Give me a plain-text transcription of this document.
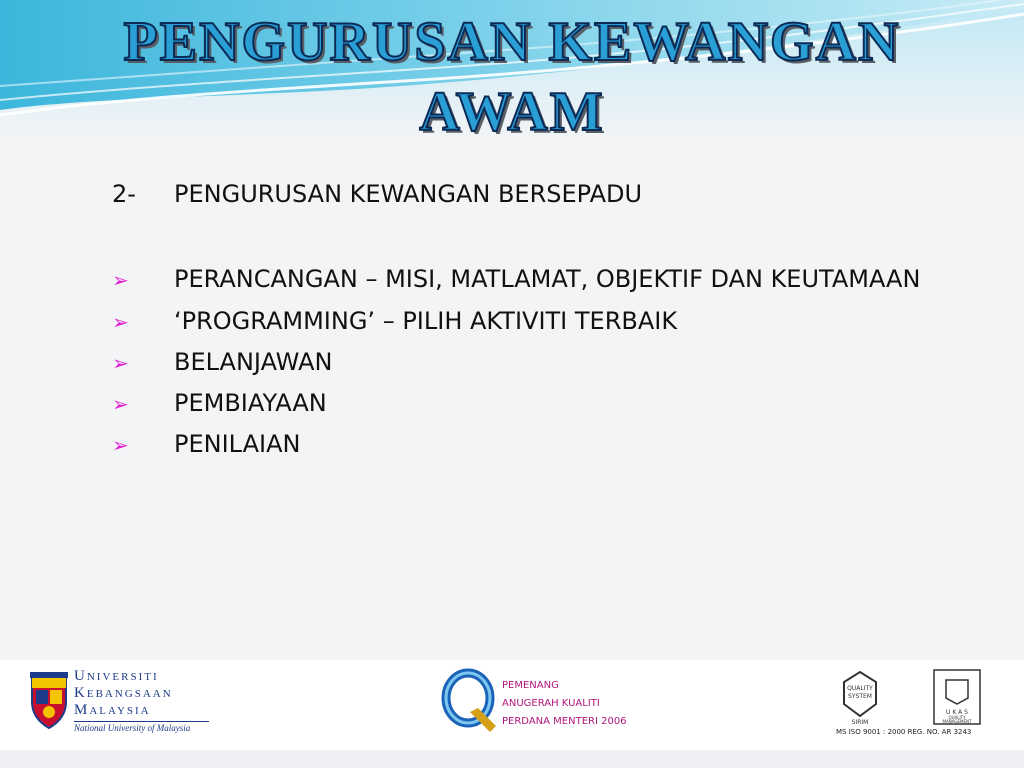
PENGURUSAN KEWANGAN
AWAM
2-	PENGURUSAN KEWANGAN BERSEPADU
➢	PERANCANGAN – MISI, MATLAMAT, OBJEKTIF DAN KEUTAMAAN
➢	‘PROGRAMMING’ – PILIH AKTIVITI TERBAIK
➢	BELANJAWAN
➢	PEMBIAYAAN
➢	PENILAIAN
UNIVERSITI
KEBANGSAAN
MALAYSIA
National University of Malaysia
PEMENANG
ANUGERAH KUALITI
PERDANA MENTERI 2006
QUALITY
SYSTEM
SIRIM
U K A S
QUALITY
MANAGEMENT
MS ISO 9001 : 2000 REG. NO. AR 3243
